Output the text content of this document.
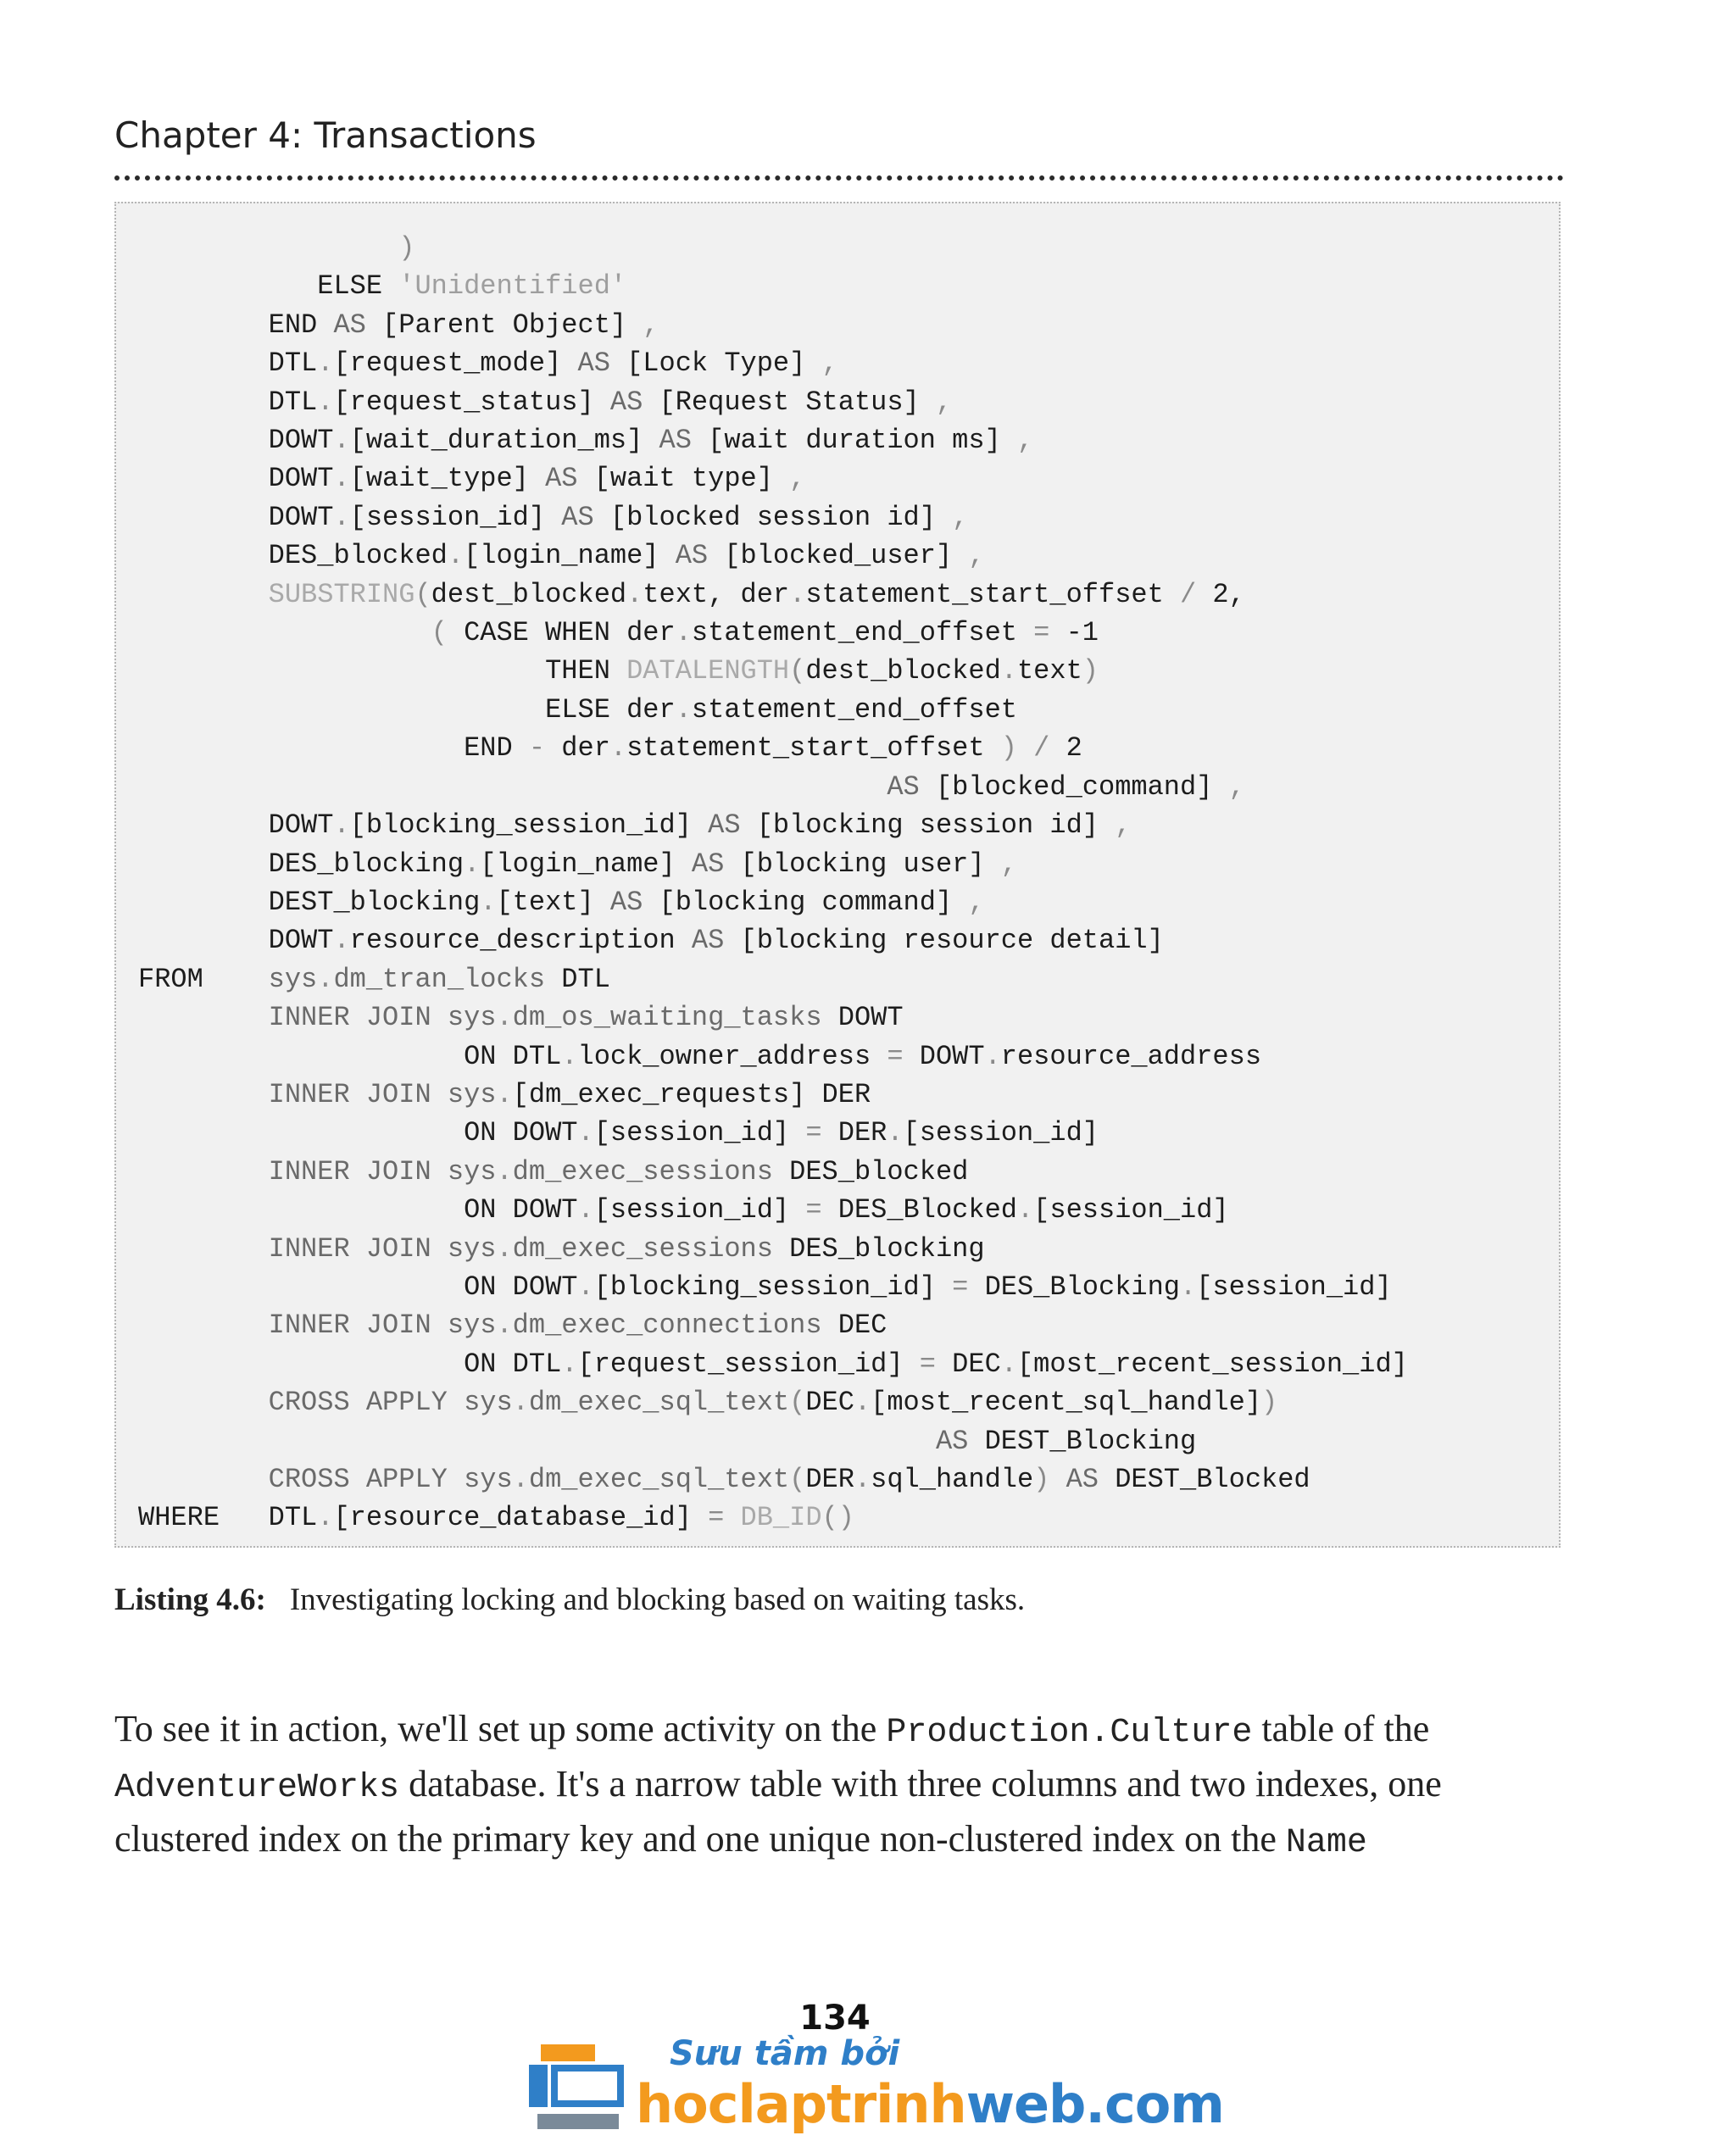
Chapter 4: Transactions
)
ELSE 'Unidentified'
END AS [Parent Object] ,
DTL.[request_mode] AS [Lock Type] ,
DTL.[request_status] AS [Request Status] ,
DOWT.[wait_duration_ms] AS [wait duration ms] ,
DOWT.[wait_type] AS [wait type] ,
DOWT.[session_id] AS [blocked session id] ,
DES_blocked.[login_name] AS [blocked_user] ,
SUBSTRING(dest_blocked.text, der.statement_start_offset / 2,
( CASE WHEN der.statement_end_offset = -1
THEN DATALENGTH(dest_blocked.text)
ELSE der.statement_end_offset
END - der.statement_start_offset ) / 2
AS [blocked_command] ,
DOWT.[blocking_session_id] AS [blocking session id] ,
DES_blocking.[login_name] AS [blocking user] ,
DEST_blocking.[text] AS [blocking command] ,
DOWT.resource_description AS [blocking resource detail]
FROM    sys.dm_tran_locks DTL
INNER JOIN sys.dm_os_waiting_tasks DOWT
ON DTL.lock_owner_address = DOWT.resource_address
INNER JOIN sys.[dm_exec_requests] DER
ON DOWT.[session_id] = DER.[session_id]
INNER JOIN sys.dm_exec_sessions DES_blocked
ON DOWT.[session_id] = DES_Blocked.[session_id]
INNER JOIN sys.dm_exec_sessions DES_blocking
ON DOWT.[blocking_session_id] = DES_Blocking.[session_id]
INNER JOIN sys.dm_exec_connections DEC
ON DTL.[request_session_id] = DEC.[most_recent_session_id]
CROSS APPLY sys.dm_exec_sql_text(DEC.[most_recent_sql_handle])
AS DEST_Blocking
CROSS APPLY sys.dm_exec_sql_text(DER.sql_handle) AS DEST_Blocked
WHERE   DTL.[resource_database_id] = DB_ID()

Listing 4.6: Investigating locking and blocking based on waiting tasks.
To see it in action, we'll set up some activity on the Production.Culture table of the AdventureWorks database. It's a narrow table with three columns and two indexes, one clustered index on the primary key and one unique non-clustered index on the Name
134
Sưu tầm bởi
hoclaptrinhweb.com
